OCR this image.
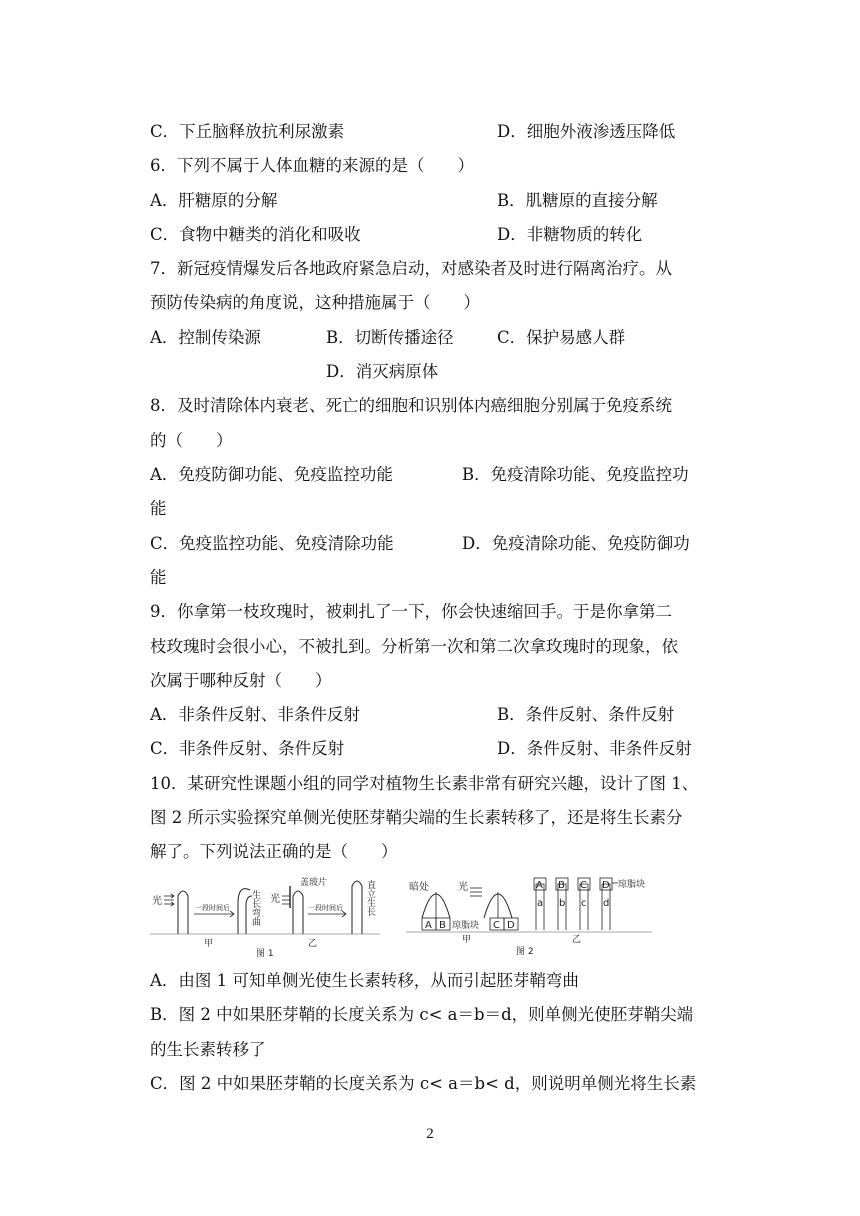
C．下丘脑释放抗利尿激素	D．细胞外液渗透压降低
6．下列不属于人体血糖的来源的是（　　）
A．肝糖原的分解	B．肌糖原的直接分解
C．食物中糖类的消化和吸收	D．非糖物质的转化
7．新冠疫情爆发后各地政府紧急启动，对感染者及时进行隔离治疗。从
预防传染病的角度说，这种措施属于（　　）
A．控制传染源	B．切断传播途径	C．保护易感人群
D．消灭病原体
8．及时清除体内衰老、死亡的细胞和识别体内癌细胞分别属于免疫系统
的（　　）
A．免疫防御功能、免疫监控功能	B．免疫清除功能、免疫监控功
能
C．免疫监控功能、免疫清除功能	D．免疫清除功能、免疫防御功
能
9．你拿第一枝玫瑰时，被刺扎了一下，你会快速缩回手。于是你拿第二
枝玫瑰时会很小心，不被扎到。分析第一次和第二次拿玫瑰时的现象，依
次属于哪种反射（　　）
A．非条件反射、非条件反射	B．条件反射、条件反射
C．非条件反射、条件反射	D．条件反射、非条件反射
10．某研究性课题小组的同学对植物生长素非常有研究兴趣，设计了图 1、
图 2 所示实验探究单侧光使胚芽鞘尖端的生长素转移了，还是将生长素分
解了。下列说法正确的是（　　）
A．由图 1 可知单侧光使生长素转移，从而引起胚芽鞘弯曲
B．图 2 中如果胚芽鞘的长度关系为 c< a＝b＝d，则单侧光使胚芽鞘尖端
的生长素转移了
C．图 2 中如果胚芽鞘的长度关系为 c< a＝b< d，则说明单侧光将生长素
光
一段时间后 生长弯曲 光
盖玻片
一段时间后 直立生长
甲	乙
图 1
暗处
A B
光
C D
琼脂块
A
a
B
b
C
c
D
d
琼脂块
甲	乙
图 2
2
